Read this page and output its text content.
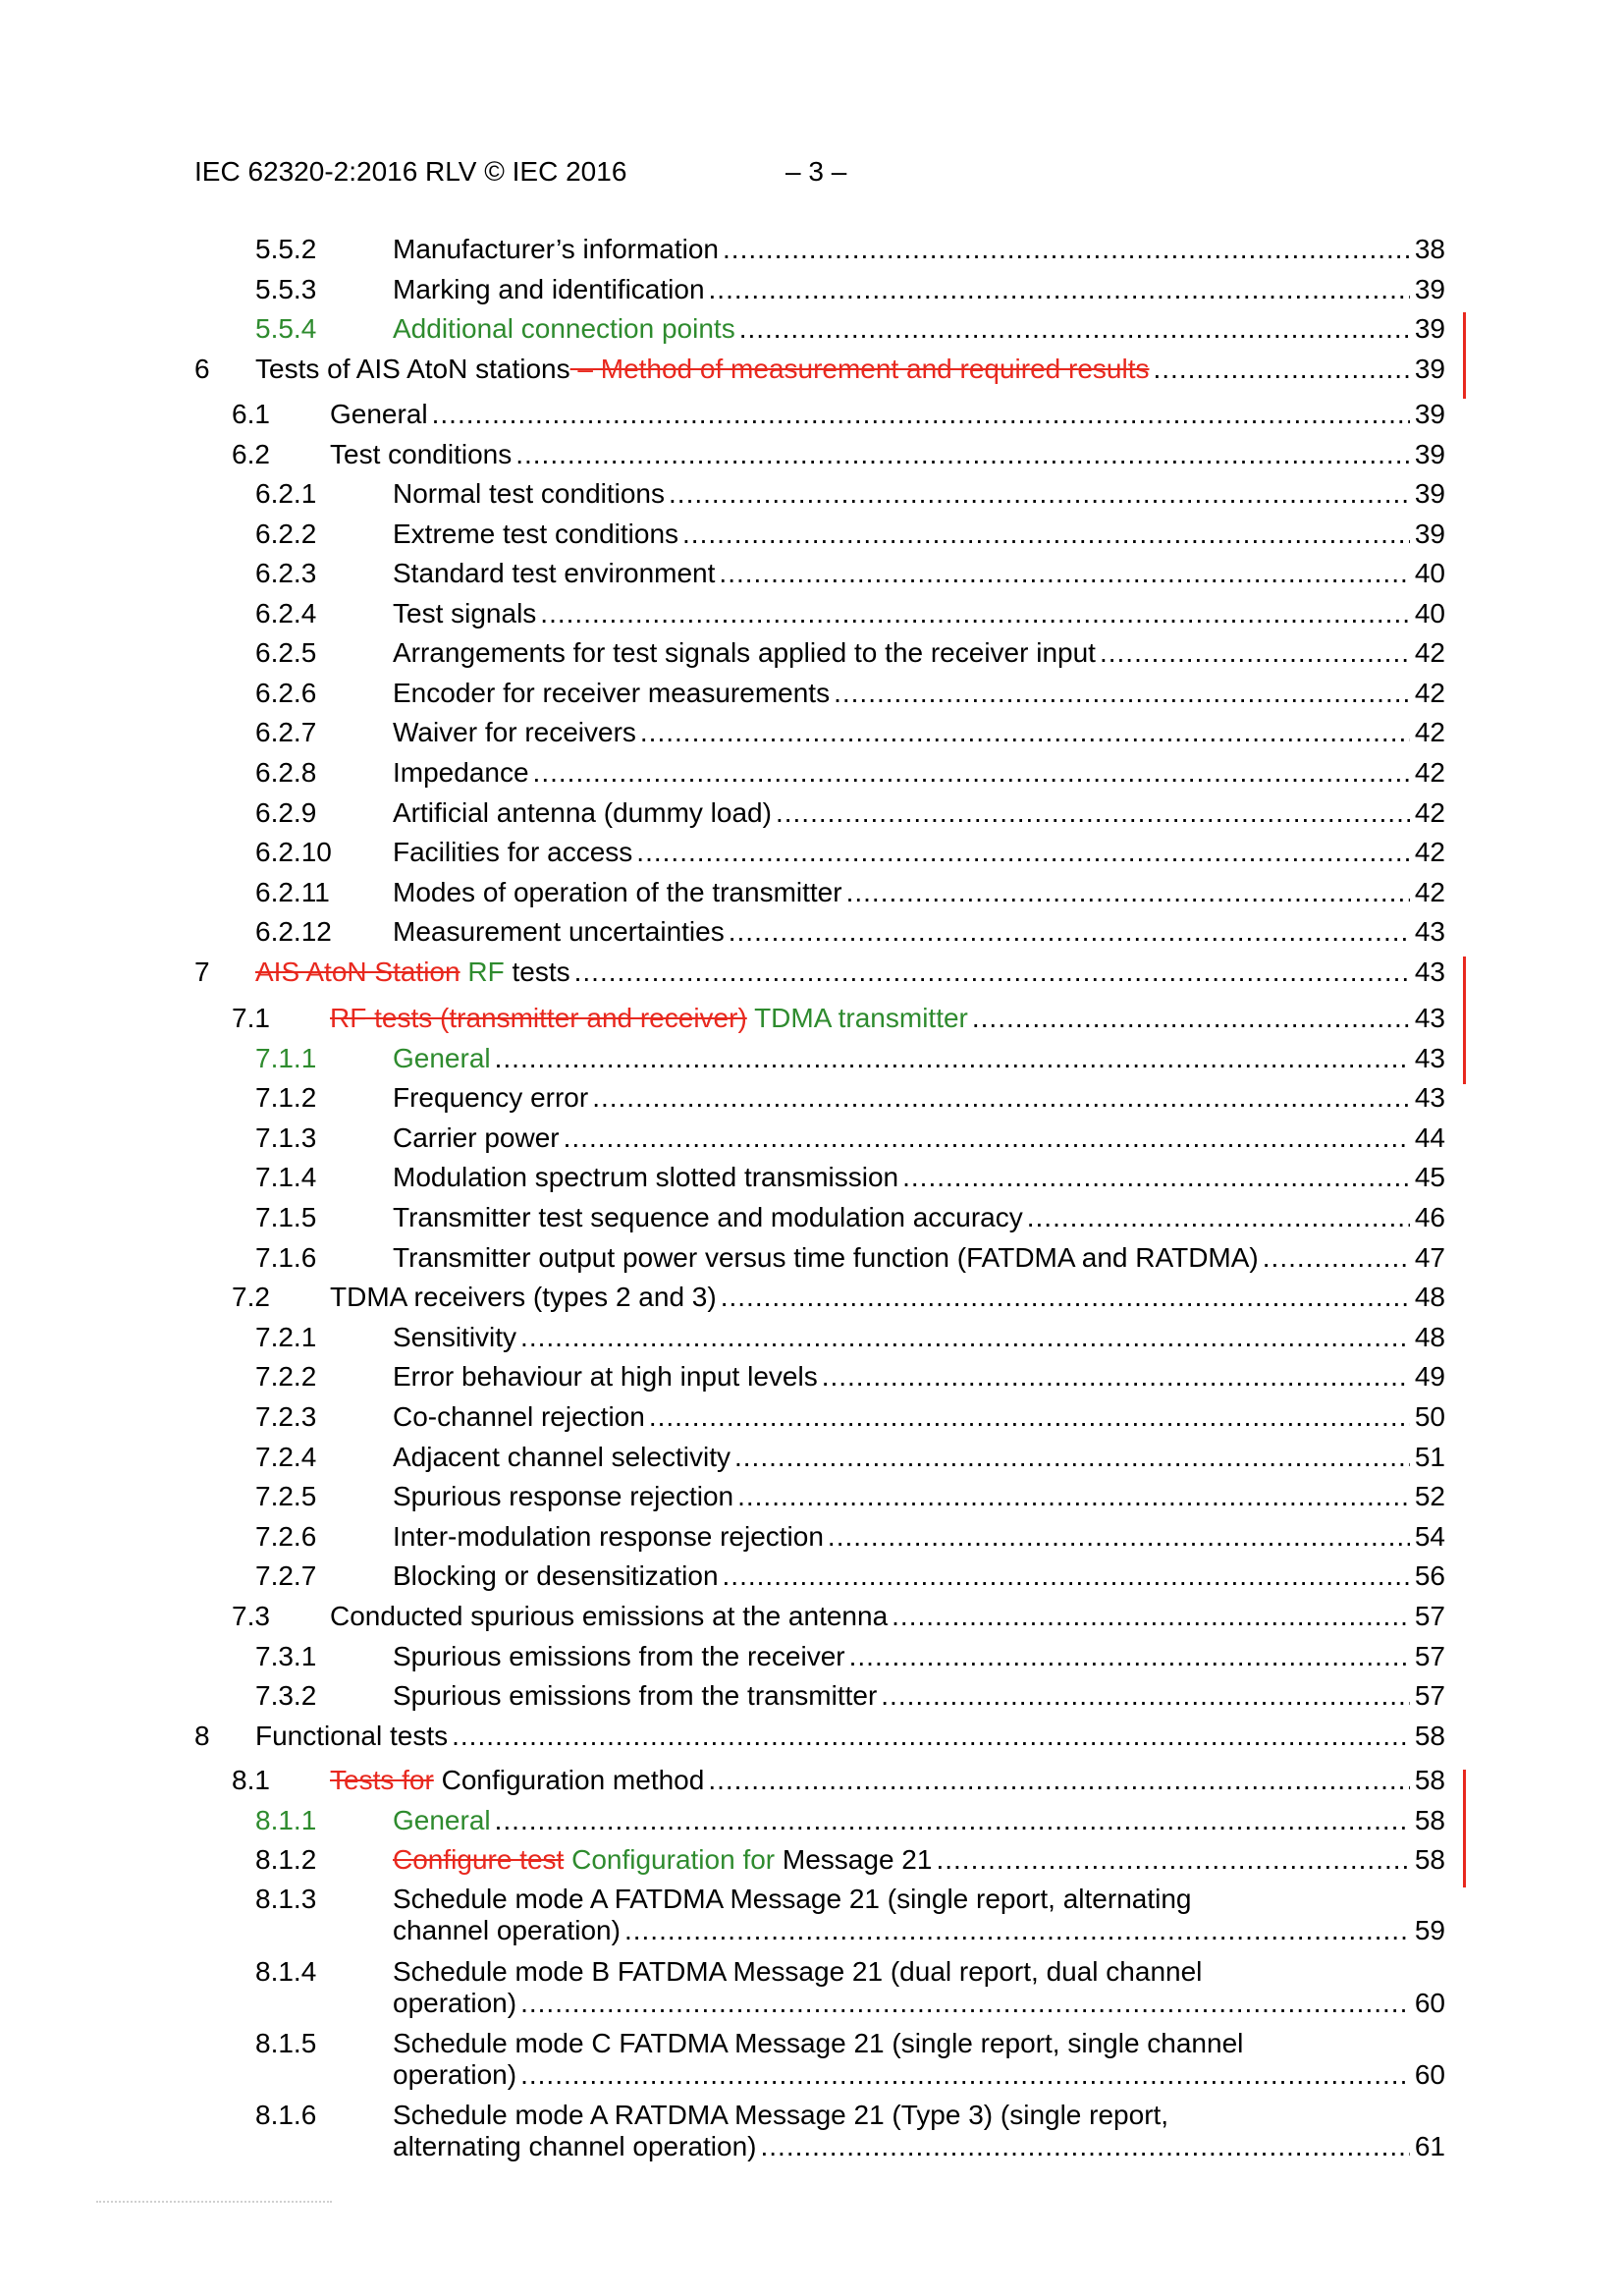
IEC 62320-2:2016 RLV © IEC 2016	– 3 –
5.5.2	Manufacturer’s information .....	38
5.5.3	Marking and identification .....	39
5.5.4	Additional connection points .....	39
6 Tests of AIS AtoN stations – Method of measurement and required results .....	39
6.1 General .....	39
6.2 Test conditions .....	39
6.2.1	Normal test conditions .....	39
6.2.2	Extreme test conditions .....	39
6.2.3	Standard test environment .....	40
6.2.4	Test signals .....	40
6.2.5	Arrangements for test signals applied to the receiver input .....	42
6.2.6	Encoder for receiver measurements .....	42
6.2.7	Waiver for receivers .....	42
6.2.8	Impedance .....	42
6.2.9	Artificial antenna (dummy load) .....	42
6.2.10 Facilities for access .....	42
6.2.11 Modes of operation of the transmitter .....	42
6.2.12 Measurement uncertainties .....	43
7 AIS AtoN Station RF tests .....	43
7.1 RF tests (transmitter and receiver) TDMA transmitter .....	43
7.1.1	General .....	43
7.1.2	Frequency error .....	43
7.1.3	Carrier power .....	44
7.1.4	Modulation spectrum slotted transmission .....	45
7.1.5	Transmitter test sequence and modulation accuracy .....	46
7.1.6	Transmitter output power versus time function (FATDMA and RATDMA) .....	47
7.2 TDMA receivers (types 2 and 3) .....	48
7.2.1	Sensitivity .....	48
7.2.2	Error behaviour at high input levels .....	49
7.2.3	Co-channel rejection .....	50
7.2.4	Adjacent channel selectivity .....	51
7.2.5	Spurious response rejection .....	52
7.2.6	Inter-modulation response rejection .....	54
7.2.7	Blocking or desensitization .....	56
7.3 Conducted spurious emissions at the antenna .....	57
7.3.1	Spurious emissions from the receiver .....	57
7.3.2	Spurious emissions from the transmitter .....	57
8 Functional tests .....	58
8.1 Tests for Configuration method .....	58
8.1.1	General .....	58
8.1.2	Configure test Configuration for Message 21 .....	58
8.1.3	Schedule mode A FATDMA Message 21 (single report, alternating
channel operation) .....	59
8.1.4	Schedule mode B FATDMA Message 21 (dual report, dual channel
operation) .....	60
8.1.5	Schedule mode C FATDMA Message 21 (single report, single channel
operation) .....	60
8.1.6	Schedule mode A RATDMA Message 21 (Type 3) (single report,
alternating channel operation) .....	61
